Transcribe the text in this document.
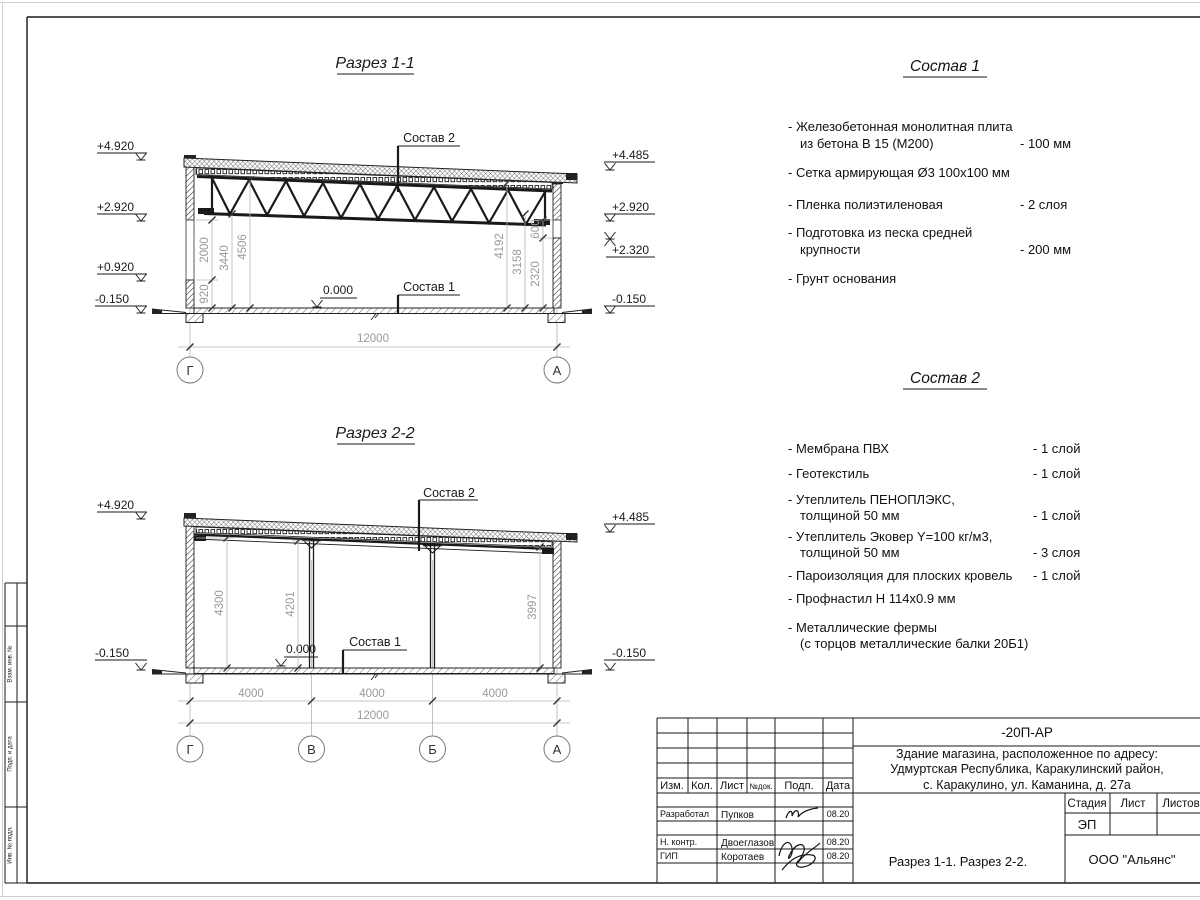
Разрез 1-1
Состав 2
Состав 1
0.000
+4.920
+2.920
+0.920
-0.150
+4.485
+2.920
+2.320
-0.150
920
2000 3440 4506	4192
3158 2320
600
12000
Г	А
Разрез 2-2
Состав 2
Состав 1
0.000
+4.920
-0.150
+4.485
-0.150
4300	4201	3997
4000	4000	4000
12000
Г	В	Б	А
Состав 1
- Железобетонная монолитная плита
из бетона В 15 (М200)	- 100 мм
- Сетка армирующая Ø3 100х100 мм
- Пленка полиэтиленовая	- 2 слоя
- Подготовка из песка средней
крупности	- 200 мм
- Грунт основания
Состав 2
- Мембрана ПВХ	- 1 слой
- Геотекстиль	- 1 слой
- Утеплитель ПЕНОПЛЭКС,
толщиной 50 мм	- 1 слой
- Утеплитель Эковер Y=100 кг/м3,
толщиной 50 мм	- 3 слоя
- Пароизоляция для плоских кровель - 1 слой
- Профнастил Н 114х0.9 мм
- Металлические фермы
(с торцов металлические балки 20Б1)
Взам. инв. №
Подп. и дата
Инв. № подл.
Изм. Кол. Лист №док. Подп. Дата
Разработал Пупков	08.20
Н. контр. Двоеглазов	08.20
ГИП	Коротаев	08.20
-20П-АР
Здание магазина, расположенное по адресу:
Удмуртская Республика, Каракулинский район,
с. Каракулино, ул. Каманина, д. 27а
Стадия Лист Листов
ЭП
Разрез 1-1. Разрез 2-2.	ООО "Альянс"
